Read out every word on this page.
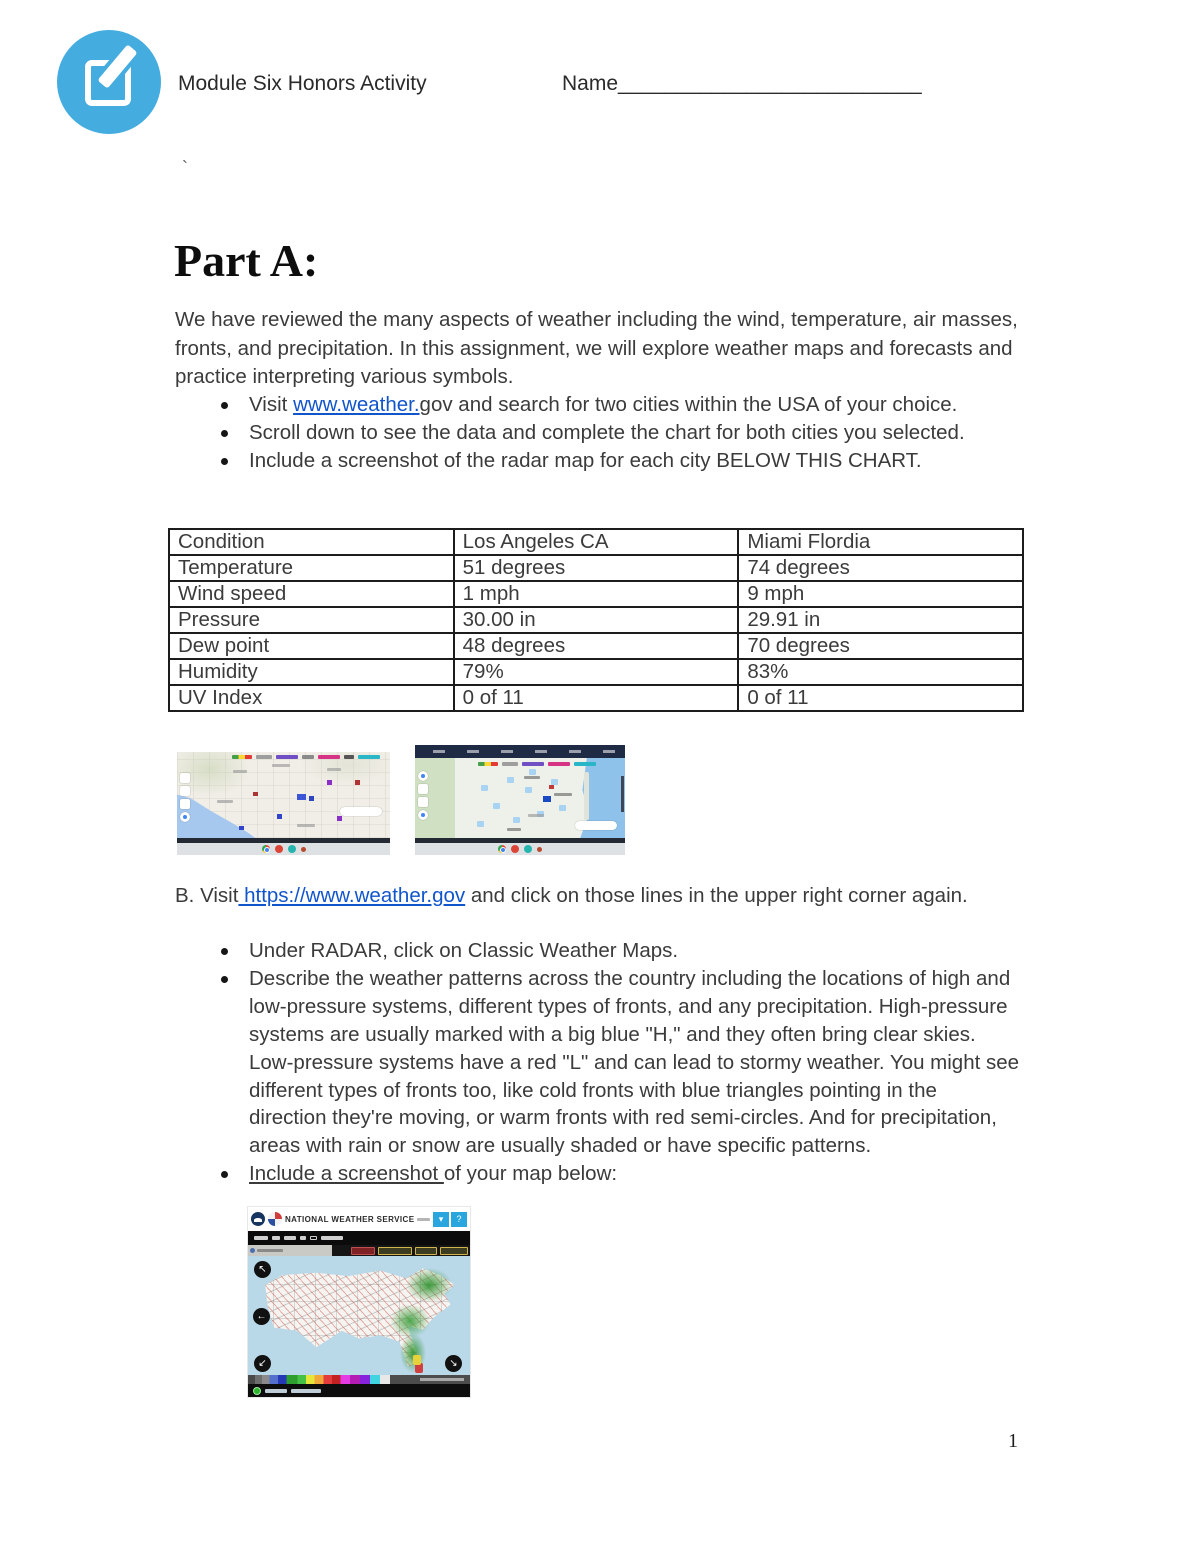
Module Six Honors Activity	Name__________________________
`
Part A:
We have reviewed the many aspects of weather including the wind, temperature, air masses, fronts, and precipitation. In this assignment, we will explore weather maps and forecasts and practice interpreting various symbols.
Visit www.weather.gov and search for two cities within the USA of your choice.
Scroll down to see the data and complete the chart for both cities you selected.
Include a screenshot of the radar map for each city BELOW THIS CHART.
Condition	Los Angeles CA	Miami Flordia
Temperature	51 degrees	74 degrees
Wind speed	1 mph	9 mph
Pressure	30.00 in	29.91 in
Dew point	48 degrees	70 degrees
Humidity	79%	83%
UV Index	0 of 11	0 of 11
B. Visit https://www.weather.gov and click on those lines in the upper right corner again.
Under RADAR, click on Classic Weather Maps.
Describe the weather patterns across the country including the locations of high and low-pressure systems, different types of fronts, and any precipitation. High-pressure systems are usually marked with a big blue "H," and they often bring clear skies. Low-pressure systems have a red "L" and can lead to stormy weather. You might see different types of fronts too, like cold fronts with blue triangles pointing in the direction they're moving, or warm fronts with red semi-circles. And for precipitation, areas with rain or snow are usually shaded or have specific patterns.
Include a screenshot of your map below:
NATIONAL WEATHER SERVICE	▾	?
↖
←
↙	↘
1
